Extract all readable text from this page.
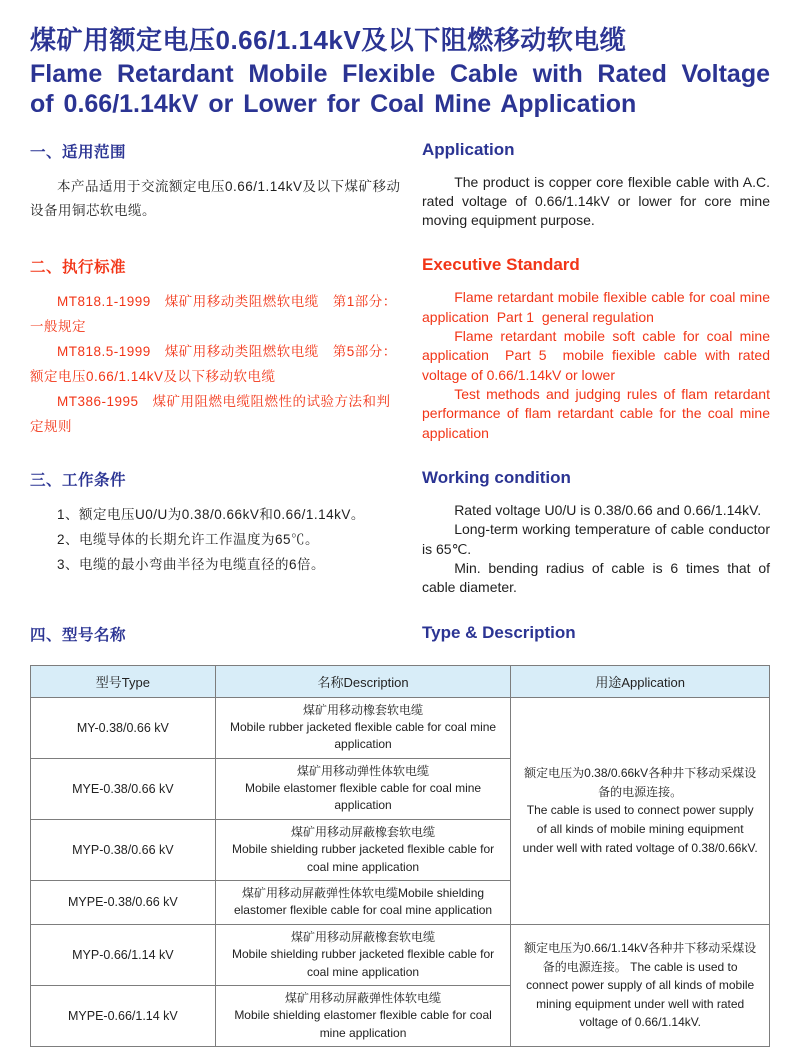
煤矿用额定电压0.66/1.14kV及以下阻燃移动软电缆
Flame Retardant Mobile Flexible Cable with Rated Voltage of 0.66/1.14kV or Lower for Coal Mine Application
一、适用范围

本产品适用于交流额定电压0.66/1.14kV及以下煤矿移动设备用铜芯软电缆。

Application

The product is copper core flexible cable with A.C. rated voltage of 0.66/1.14kV or lower for core mine moving equipment purpose.

二、执行标准

MT818.1-1999　煤矿用移动类阻燃软电缆　第1部分：一般规定

MT818.5-1999　煤矿用移动类阻燃软电缆　第5部分：额定电压0.66/1.14kV及以下移动软电缆

MT386-1995　煤矿用阻燃电缆阻燃性的试验方法和判定规则

Executive Standard

Flame retardant mobile flexible cable for coal mine application  Part 1  general regulation

Flame retardant mobile soft cable for coal mine application  Part 5  mobile fiexible cable with rated voltage of 0.66/1.14kV or lower

Test methods and judging rules of flam retardant performance of flam retardant cable for the coal mine application

三、工作条件

1、额定电压U0/U为0.38/0.66kV和0.66/1.14kV。

2、电缆导体的长期允许工作温度为65℃。

3、电缆的最小弯曲半径为电缆直径的6倍。

Working condition

Rated voltage U0/U is 0.38/0.66 and 0.66/1.14kV.

Long-term working temperature of cable conductor is 65℃.

Min. bending radius of cable is 6 times that of cable diameter.

四、型号名称	Type & Description
型号Type	名称Description	用途Application
MY-0.38/0.66 kV	煤矿用移动橡套软电缆
Mobile rubber jacketed flexible cable for coal mine application	额定电压为0.38/0.66kV各种井下移动采煤设备的电源连接。
The cable is used to connect power supply of all kinds of mobile mining equipment under well with rated voltage of 0.38/0.66kV.

MYE-0.38/0.66 kV	煤矿用移动弹性体软电缆
Mobile elastomer flexible cable for coal mine application	
MYP-0.38/0.66 kV	煤矿用移动屏蔽橡套软电缆
Mobile shielding rubber jacketed flexible cable for coal mine application	
MYPE-0.38/0.66 kV	煤矿用移动屏蔽弹性体软电缆Mobile shielding elastomer flexible cable for coal mine application	
MYP-0.66/1.14 kV	煤矿用移动屏蔽橡套软电缆
Mobile shielding rubber jacketed flexible cable for coal mine application	额定电压为0.66/1.14kV各种井下移动采煤设备的电源连接。 The cable is used to connect power supply of all kinds of mobile mining equipment under well with rated voltage of 0.66/1.14kV.
MYPE-0.66/1.14 kV	煤矿用移动屏蔽弹性体软电缆
Mobile shielding elastomer flexible cable for coal mine application	
